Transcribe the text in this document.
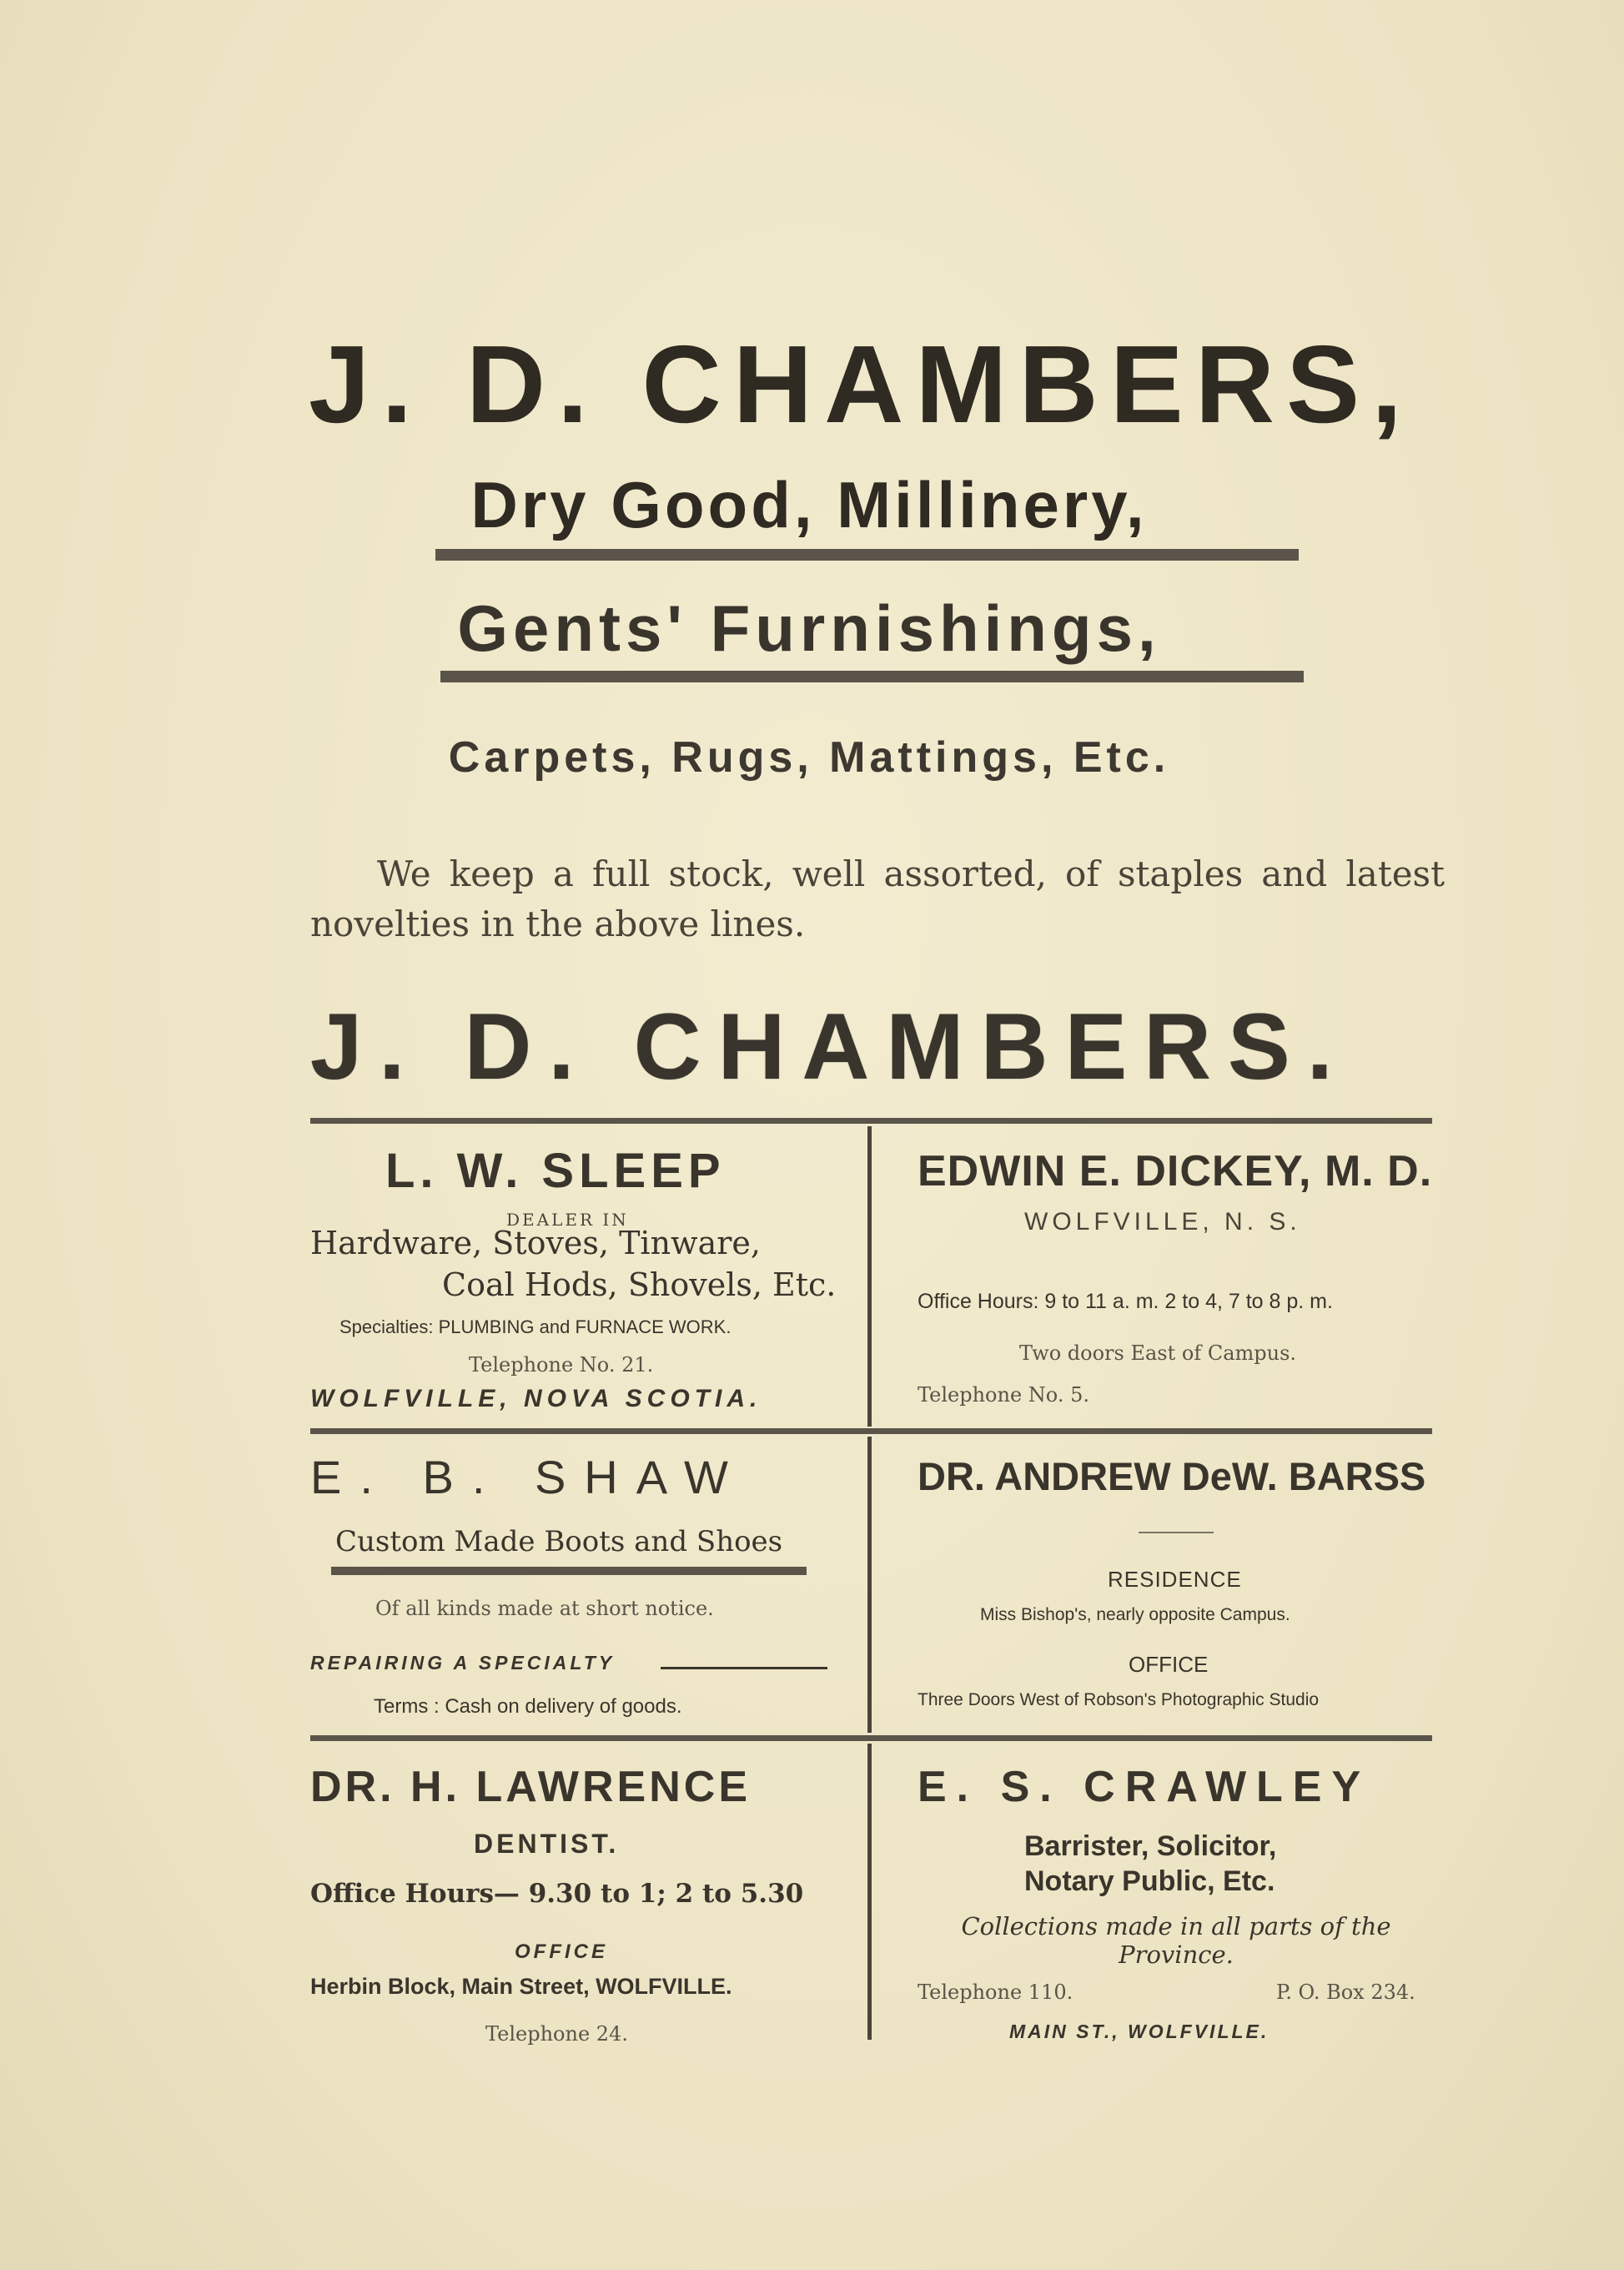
J. D. CHAMBERS,
Dry Good, Millinery,
Gents' Furnishings,
Carpets, Rugs, Mattings, Etc.
We keep a full stock, well assorted, of staples and latest novelties in the above lines.
J. D. CHAMBERS.
L. W. SLEEP
DEALER IN
Hardware, Stoves, Tinware,
Coal Hods, Shovels, Etc.
Specialties: PLUMBING and FURNACE WORK.
Telephone No. 21.
WOLFVILLE, NOVA SCOTIA.
EDWIN E. DICKEY, M. D.
WOLFVILLE, N. S.
Office Hours: 9 to 11 a. m. 2 to 4, 7 to 8 p. m.
Two doors East of Campus.
Telephone No. 5.
E. B. SHAW
Custom Made Boots and Shoes
Of all kinds made at short notice.
REPAIRING A SPECIALTY
Terms : Cash on delivery of goods.
DR. ANDREW DeW. BARSS
RESIDENCE
Miss Bishop's, nearly opposite Campus.
OFFICE
Three Doors West of Robson's Photographic Studio
DR. H. LAWRENCE
DENTIST.
Office Hours— 9.30 to 1; 2 to 5.30
OFFICE
Herbin Block, Main Street, WOLFVILLE.
Telephone 24.
E. S. CRAWLEY
Barrister, Solicitor,
Notary Public, Etc.
Collections made in all parts of the Province.
Telephone 110.	P. O. Box 234.
MAIN ST., WOLFVILLE.
